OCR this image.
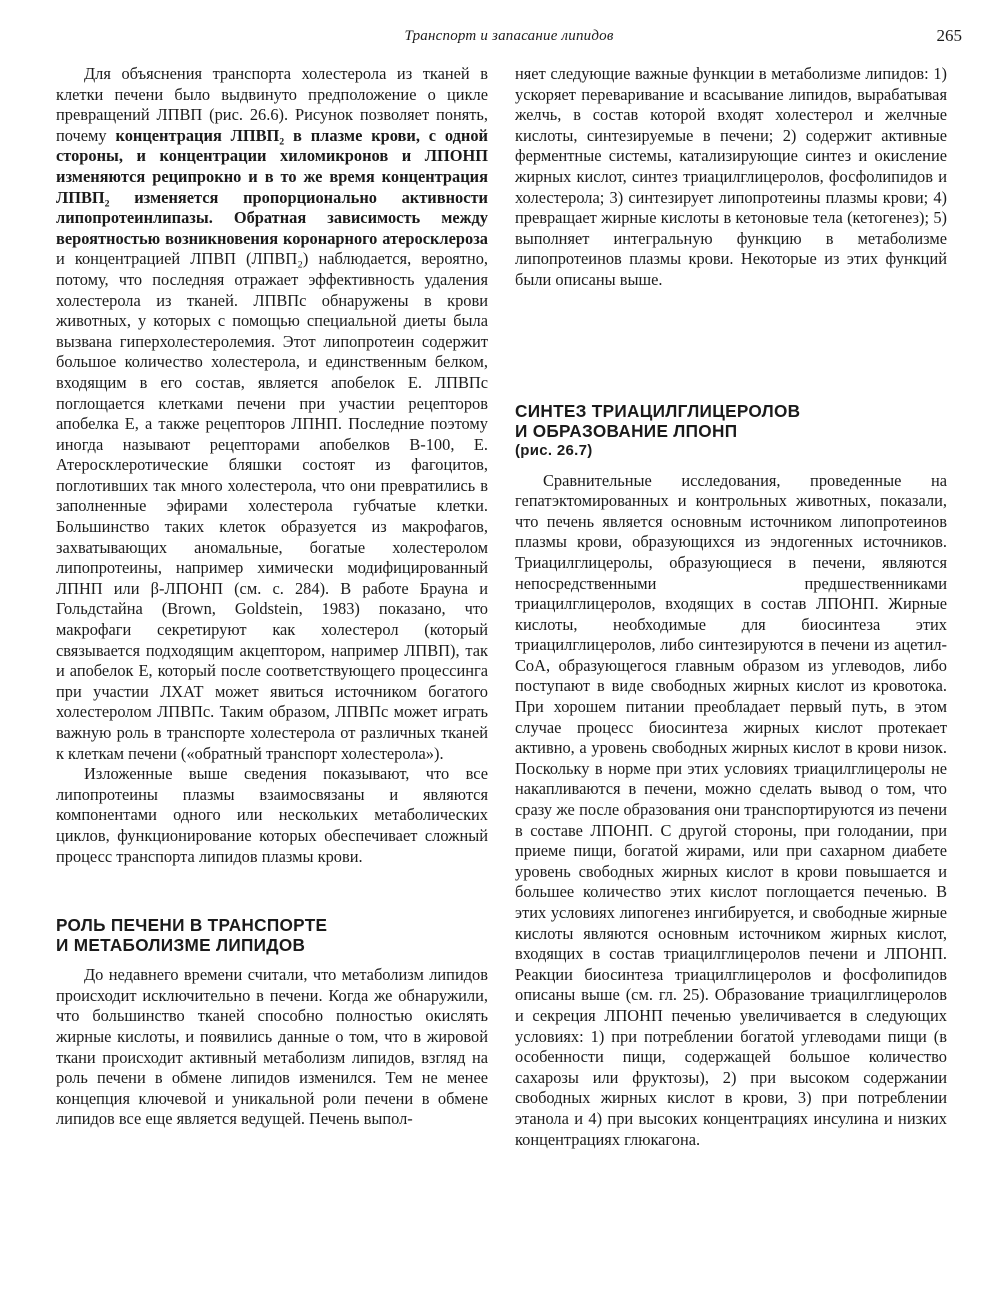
Транспорт и запасание липидов	265

Для объяснения транспорта холестерола из тканей в клетки печени было выдвинуто предположение о цикле превращений ЛПВП (рис. 26.6). Рисунок позволяет понять, почему концентрация ЛПВП₂ в плазме крови, с одной стороны, и концентрации хиломикронов и ЛПОНП изменяются реципрокно и в то же время концентрация ЛПВП₂ изменяется пропорционально активности липопротеинлипазы. Обратная зависимость между вероятностью возникновения коронарного атеросклероза и концентрацией ЛПВП (ЛПВП₂) наблюдается, вероятно, потому, что последняя отражает эффективность удаления холестерола из тканей. ЛПВПс обнаружены в крови животных, у которых с помощью специальной диеты была вызвана гиперхолестеролемия. Этот липопротеин содержит большое количество холестерола, и единственным белком, входящим в его состав, является апобелок Е. ЛПВПс поглощается клетками печени при участии рецепторов апобелка Е, а также рецепторов ЛПНП. Последние поэтому иногда называют рецепторами апобелков В-100, Е. Атеросклеротические бляшки состоят из фагоцитов, поглотивших так много холестерола, что они превратились в заполненные эфирами холестерола губчатые клетки. Большинство таких клеток образуется из макрофагов, захватывающих аномальные, богатые холестеролом липопротеины, например химически модифицированный ЛПНП или β-ЛПОНП (см. с. 284). В работе Брауна и Гольдстайна (Brown, Goldstein, 1983) показано, что макрофаги секретируют как холестерол (который связывается подходящим акцептором, например ЛПВП), так и апобелок Е, который после соответствующего процессинга при участии ЛХАТ может явиться источником богатого холестеролом ЛПВПс. Таким образом, ЛПВПс может играть важную роль в транспорте холестерола от различных тканей к клеткам печени («обратный транспорт холестерола»).

Изложенные выше сведения показывают, что все липопротеины плазмы взаимосвязаны и являются компонентами одного или нескольких метаболических циклов, функционирование которых обеспечивает сложный процесс транспорта липидов плазмы крови.

РОЛЬ ПЕЧЕНИ В ТРАНСПОРТЕ
И МЕТАБОЛИЗМЕ ЛИПИДОВ

До недавнего времени считали, что метаболизм липидов происходит исключительно в печени. Когда же обнаружили, что большинство тканей способно полностью окислять жирные кислоты, и появились данные о том, что в жировой ткани происходит активный метаболизм липидов, взгляд на роль печени в обмене липидов изменился. Тем не менее концепция ключевой и уникальной роли печени в обмене липидов все еще является ведущей. Печень выпол-

няет следующие важные функции в метаболизме липидов: 1) ускоряет переваривание и всасывание липидов, вырабатывая желчь, в состав которой входят холестерол и желчные кислоты, синтезируемые в печени; 2) содержит активные ферментные системы, катализирующие синтез и окисление жирных кислот, синтез триацилглицеролов, фосфолипидов и холестерола; 3) синтезирует липопротеины плазмы крови; 4) превращает жирные кислоты в кетоновые тела (кетогенез); 5) выполняет интегральную функцию в метаболизме липопротеинов плазмы крови. Некоторые из этих функций были описаны выше.

СИНТЕЗ ТРИАЦИЛГЛИЦЕРОЛОВ
И ОБРАЗОВАНИЕ ЛПОНП

(рис. 26.7)

Сравнительные исследования, проведенные на гепатэктомированных и контрольных животных, показали, что печень является основным источником липопротеинов плазмы крови, образующихся из эндогенных источников. Триацилглицеролы, образующиеся в печени, являются непосредственными предшественниками триацилглицеролов, входящих в состав ЛПОНП. Жирные кислоты, необходимые для биосинтеза этих триацилглицеролов, либо синтезируются в печени из ацетил-СоА, образующегося главным образом из углеводов, либо поступают в виде свободных жирных кислот из кровотока. При хорошем питании преобладает первый путь, в этом случае процесс биосинтеза жирных кислот протекает активно, а уровень свободных жирных кислот в крови низок. Поскольку в норме при этих условиях триацилглицеролы не накапливаются в печени, можно сделать вывод о том, что сразу же после образования они транспортируются из печени в составе ЛПОНП. С другой стороны, при голодании, при приеме пищи, богатой жирами, или при сахарном диабете уровень свободных жирных кислот в крови повышается и большее количество этих кислот поглощается печенью. В этих условиях липогенез ингибируется, и свободные жирные кислоты являются основным источником жирных кислот, входящих в состав триацилглицеролов печени и ЛПОНП. Реакции биосинтеза триацилглицеролов и фосфолипидов описаны выше (см. гл. 25). Образование триацилглицеролов и секреция ЛПОНП печенью увеличивается в следующих условиях: 1) при потреблении богатой углеводами пищи (в особенности пищи, содержащей большое количество сахарозы или фруктозы), 2) при высоком содержании свободных жирных кислот в крови, 3) при потреблении этанола и 4) при высоких концентрациях инсулина и низких концентрациях глюкагона.
